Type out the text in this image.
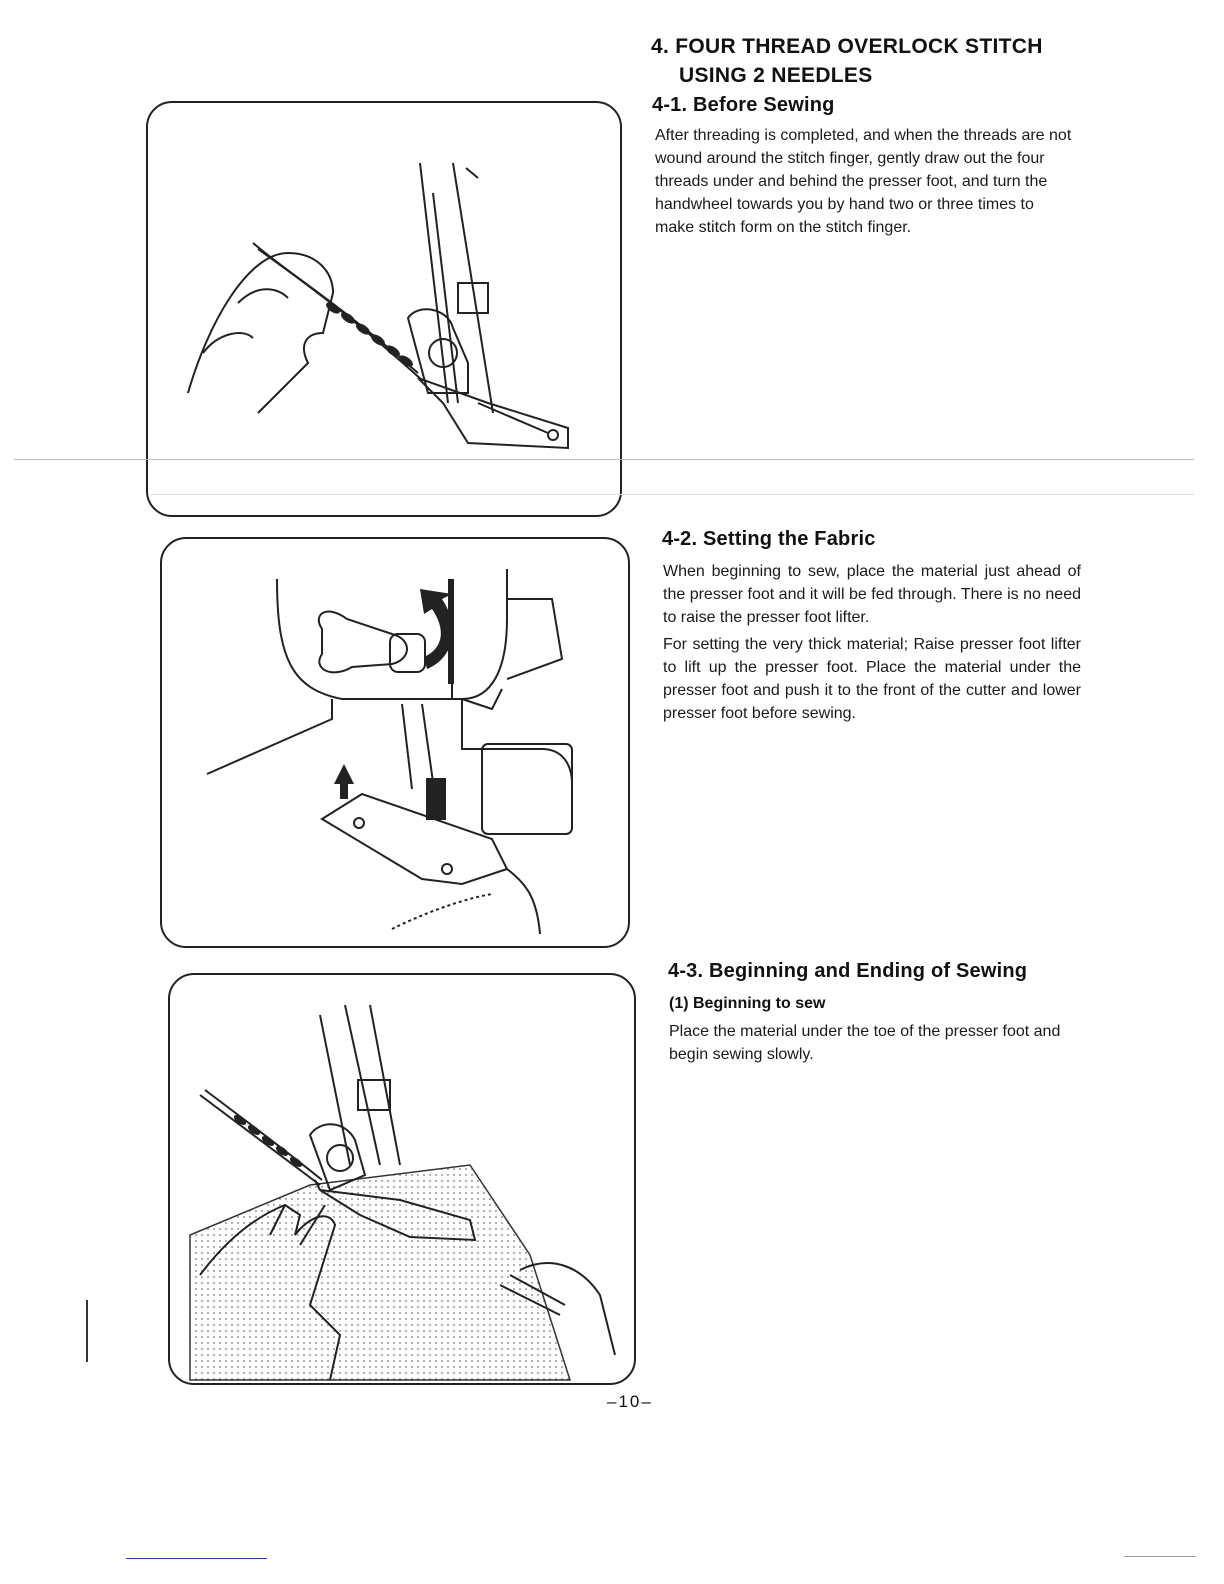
4. FOUR THREAD OVERLOCK STITCH
USING 2 NEEDLES
4-1. Before Sewing
After threading is completed, and when the threads are not wound around the stitch finger, gently draw out the four threads under and behind the presser foot, and turn the handwheel towards you by hand two or three times to make stitch form on the stitch finger.
4-2. Setting the Fabric

When beginning to sew, place the material just ahead of the presser foot and it will be fed through. There is no need to raise the presser foot lifter.

For setting the very thick material; Raise presser foot lifter to lift up the presser foot. Place the material under the presser foot and push it to the front of the cutter and lower presser foot before sewing.

4-3. Beginning and Ending of Sewing
(1) Beginning to sew
Place the material under the toe of the presser foot and begin sewing slowly.
–10–
